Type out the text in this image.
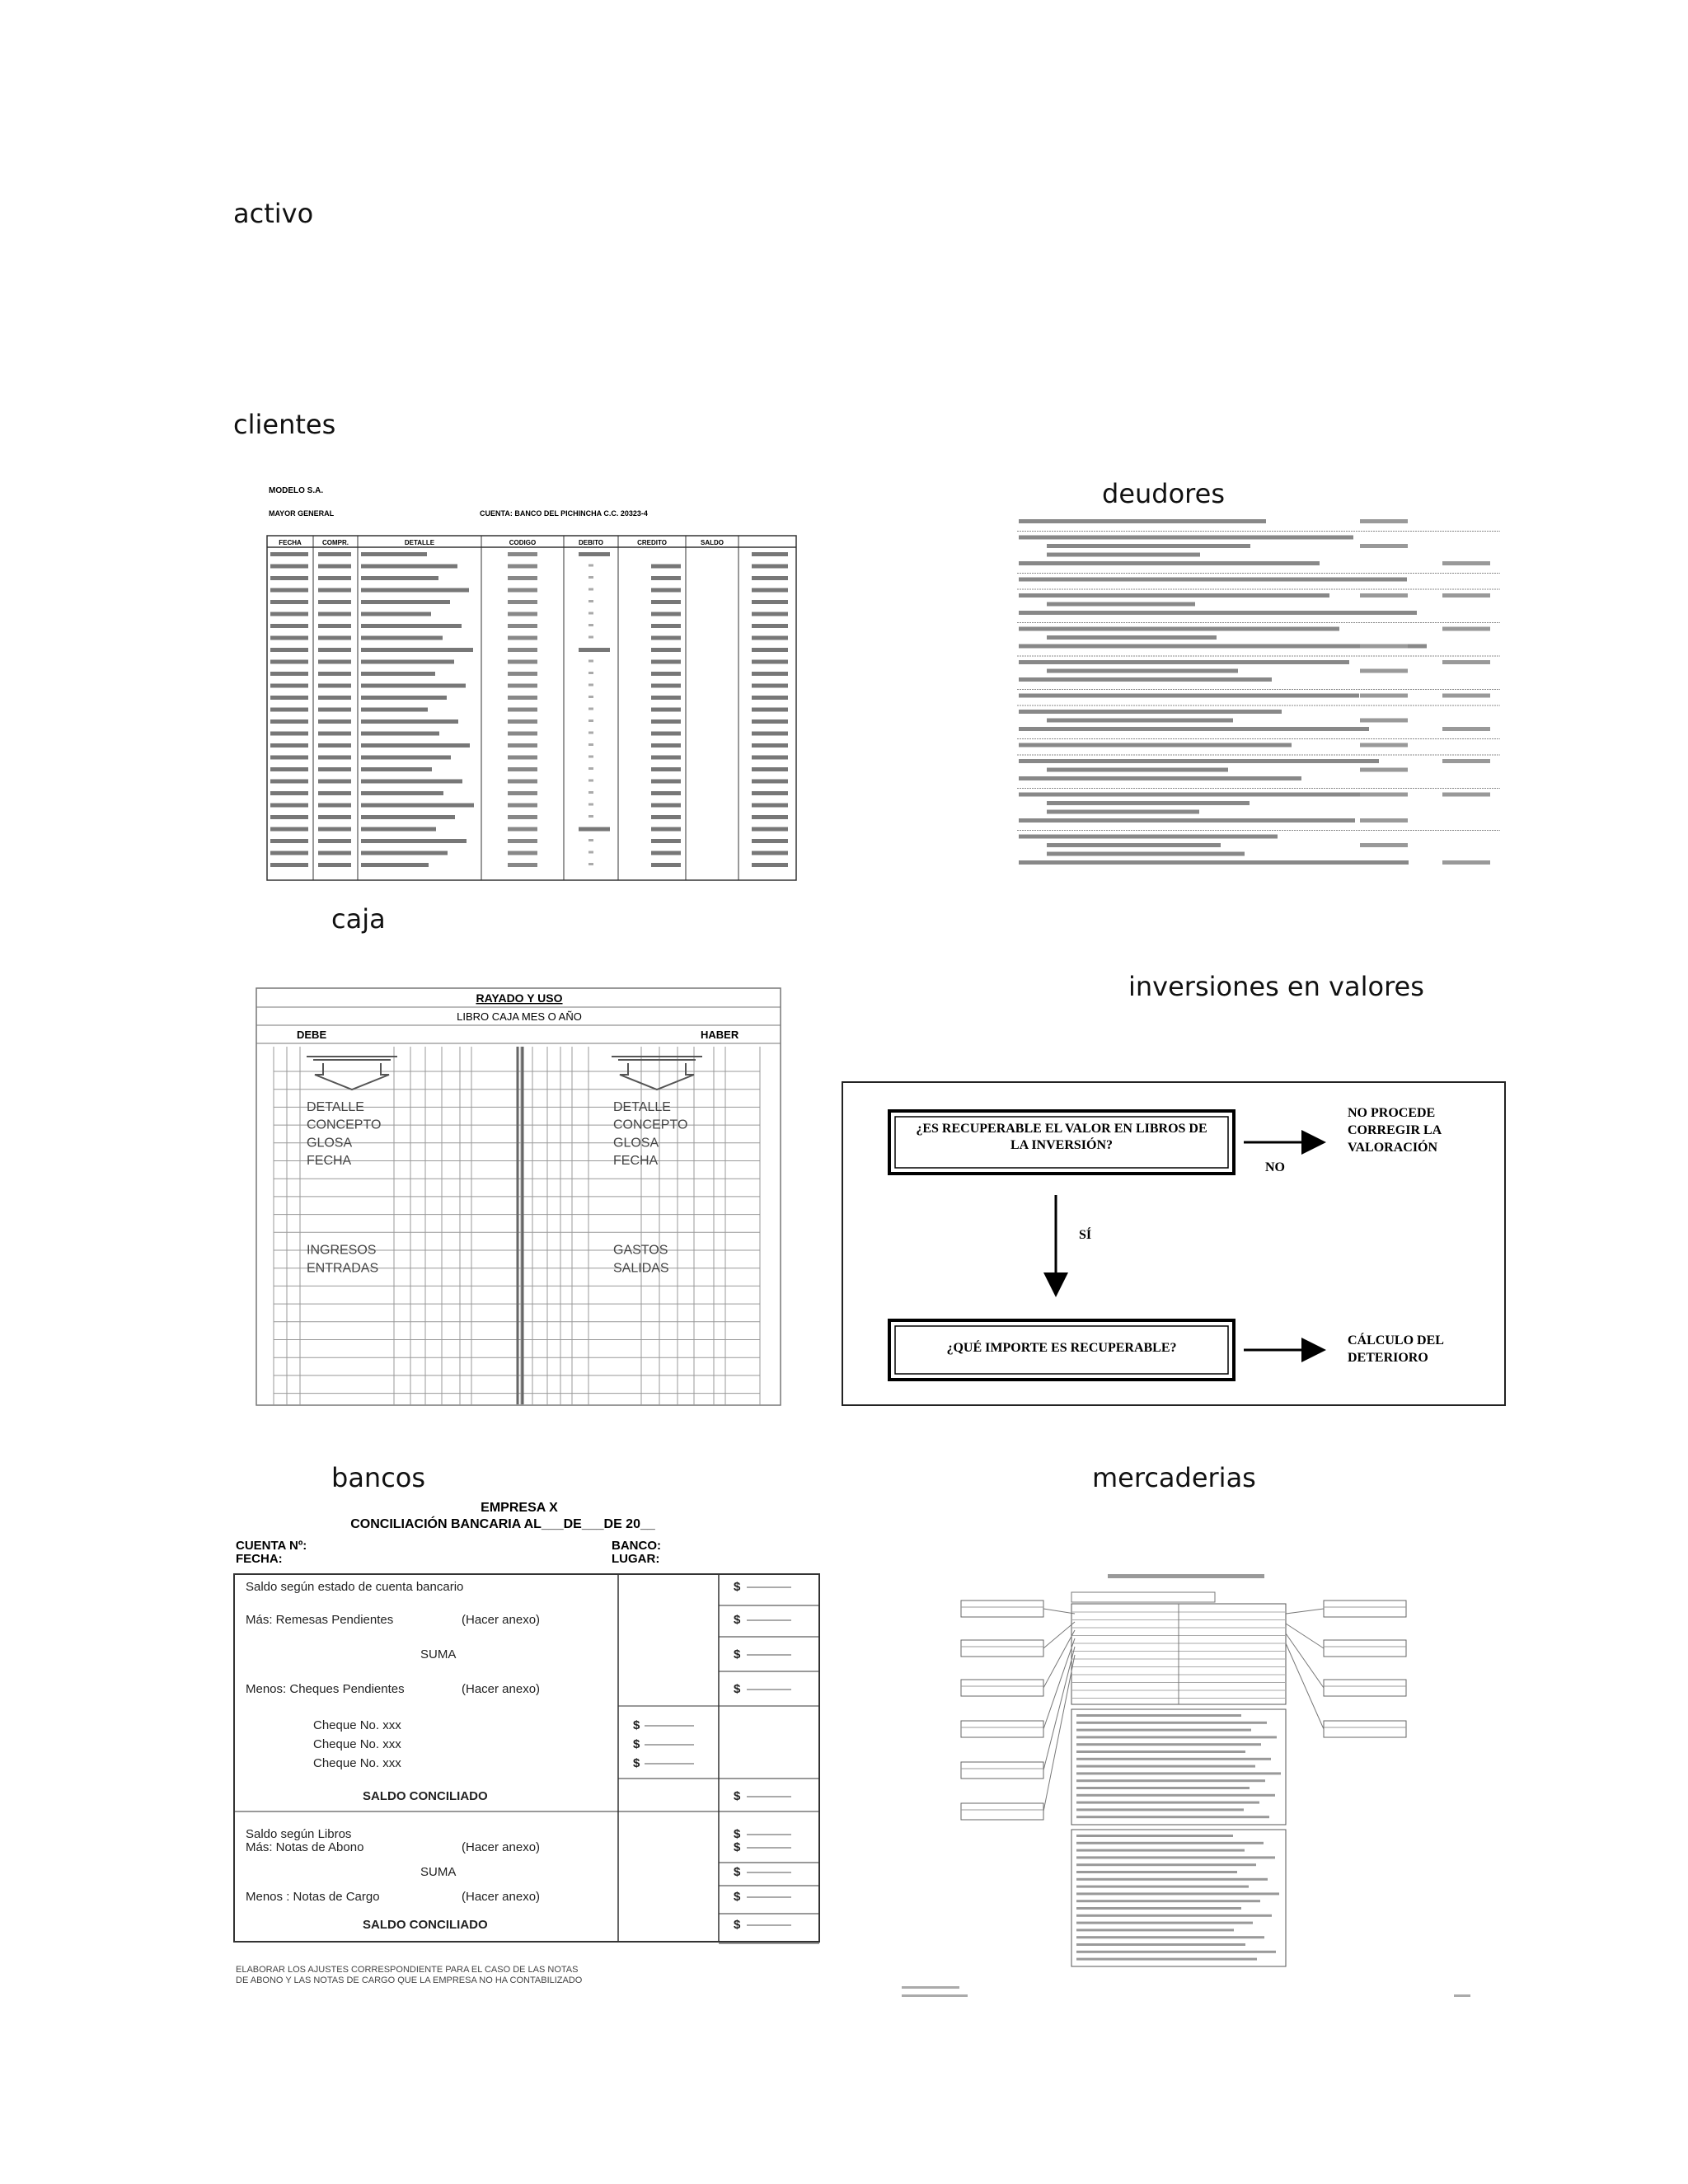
activo
clientes
deudores
caja
inversiones en valores
bancos	mercaderias
MODELO S.A.
MAYOR GENERAL	CUENTA: BANCO DEL PICHINCHA C.C. 20323-4
FECHA	COMPR.	DETALLE	CODIGO	DEBITO	CREDITO	SALDO
RAYADO Y USO
LIBRO CAJA MES O AÑO
DEBE	HABER
DETALLE
CONCEPTO
GLOSA
FECHA
DETALLE
CONCEPTO
GLOSA
FECHA
INGRESOS
ENTRADAS
GASTOS
SALIDAS
¿ES RECUPERABLE EL VALOR EN LIBROS DE LA INVERSIÓN?
¿QUÉ IMPORTE ES RECUPERABLE?
NO
SÍ
NO PROCEDE CORREGIR LA VALORACIÓN
CÁLCULO DEL DETERIORO
EMPRESA X
CONCILIACIÓN BANCARIA AL___DE___DE 20__
CUENTA Nº:
FECHA:
BANCO:
LUGAR:
Saldo según estado de cuenta bancario	$
Más: Remesas Pendientes	(Hacer anexo)	$
SUMA	$
Menos: Cheques Pendientes	(Hacer anexo)	$
Cheque No. xxx	$
Cheque No. xxx	$
Cheque No. xxx	$
SALDO CONCILIADO	$
Saldo según Libros	$
Más: Notas de Abono	(Hacer anexo)	$
SUMA	$
Menos : Notas de Cargo	(Hacer anexo)	$
SALDO CONCILIADO	$
ELABORAR LOS AJUSTES CORRESPONDIENTE PARA EL CASO DE LAS NOTAS
DE ABONO Y LAS NOTAS DE CARGO QUE LA EMPRESA NO HA CONTABILIZADO
